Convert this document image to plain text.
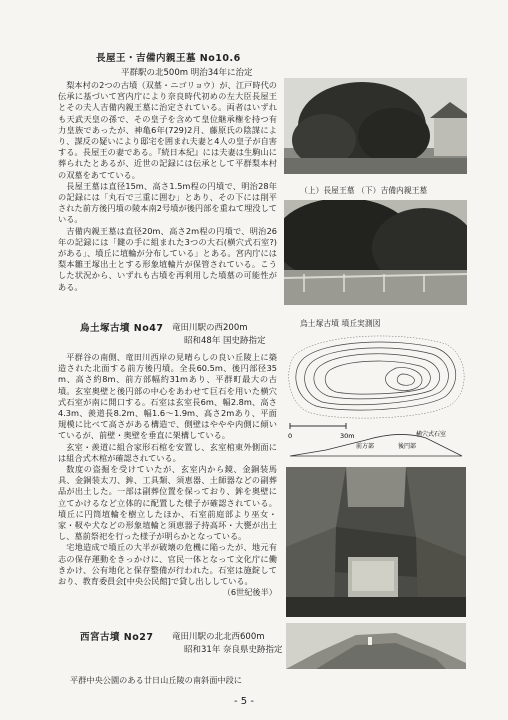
長屋王・吉備内親王墓 No10.6
平群駅の北500m 明治34年に治定

梨本村の2つの古墳（双墓・ニゴリョウ）が、江戸時代の伝承に基づいて宮内庁により奈良時代初めの左大臣長屋王とその夫人吉備内親王墓に治定されている。両者はいずれも天武天皇の孫で、その皇子を含めて皇位継承権を持つ有力皇族であったが、神亀6年(729)2月、藤原氏の陰謀により、謀反の疑いにより邸宅を囲まれ夫妻と4人の皇子が自害する。長屋王の妻である。『続日本紀』には夫妻は生駒山に葬られたとあるが、近世の記録には伝承として平群梨本村の双墓をあてている。

長屋王墓は直径15m、高さ1.5m程の円墳で、明治28年の記録には「丸石で三重に囲む」とあり、その下には削平された前方後円墳の陵本南2号墳が後円部を重ねて埋没している。

吉備内親王墓は直径20m、高さ2m程の円墳で、明治26年の記録には「鍵の手に組まれた3つの大石(横穴式石室?)がある」、墳丘に埴輪が分布している」とある。宮内庁には梨本雛王塚出土とする形象埴輪片が保管されている。こうした状況から、いずれも古墳を再利用した墳墓の可能性がある。

（上）長屋王墓 （下）吉備内親王墓
烏土塚古墳 No47 竜田川駅の西200m
昭和48年 国史跡指定

平群谷の南側、竜田川西岸の見晴らしの良い丘陵上に築造された北面する前方後円墳。全長60.5m、後円部径35m、高さ約8m、前方部幅約31mあり、平群町最大の古墳。玄室奥壁と後円部の中心をあわせて巨石を用いた横穴式石室が南に開口する。石室は玄室長6m、幅2.8m、高さ4.3m、羨道長8.2m、幅1.6〜1.9m、高さ2mあり、平面規模に比べて高さがある構造で、側壁はややや内側に傾いているが、前壁・奥壁を垂直に架構している。

玄室・羨道に組合家形石棺を安置し、玄室棺東外側面には組合式木棺が確認されている。

数度の盗掘を受けていたが、玄室内から鏡、金銅装馬具、金銅装太刀、鉾、工具類、須恵器、土師器などの副葬品が出土した。一部は副葬位置を保っており、鉾を奥壁に立てかけるなど立体的に配置した様子が確認されている。墳丘に円筒埴輪を樹立したほか、石室前庭部より巫女・家・靫や犬などの形象埴輪と須恵器子持高坏・大甕が出土し、墓前祭祀を行った様子が明らかとなっている。

宅地造成で墳丘の大半が破壊の危機に陥ったが、地元有志の保存運動をきっかけに、官民一体となって文化庁に働きかけ、公有地化と保存整備が行われた。石室は施錠しており、教育委員会[中央公民館]で貸し出ししている。

（6世紀後半）
烏土塚古墳 墳丘実測図
0	30m
前方部	後円部
横穴式石室
西宮古墳 No27 竜田川駅の北北西600m
昭和31年 奈良県史跡指定
平群中央公園のある廿日山丘陵の南斜面中段に
- 5 -
